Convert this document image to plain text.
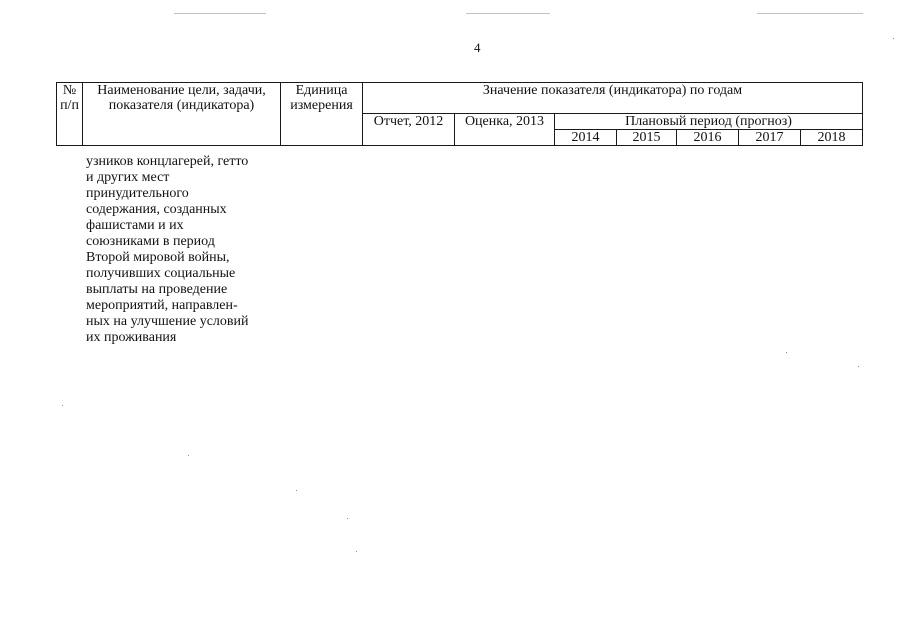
4
№ п/п	Наименование цели, задачи, показателя (индикатора)	Единица измерения	Значение показателя (индикатора) по годам						
			Отчет, 2012	Оценка, 2013	Плановый период (прогноз)				
					2014	2015	2016	2017	2018
узников концлагерей, гетто
и других мест
принудительного
содержания, созданных
фашистами и их
союзниками в период
Второй мировой войны,
получивших социальные
выплаты на проведение
мероприятий, направлен-
ных на улучшение условий
их проживания
